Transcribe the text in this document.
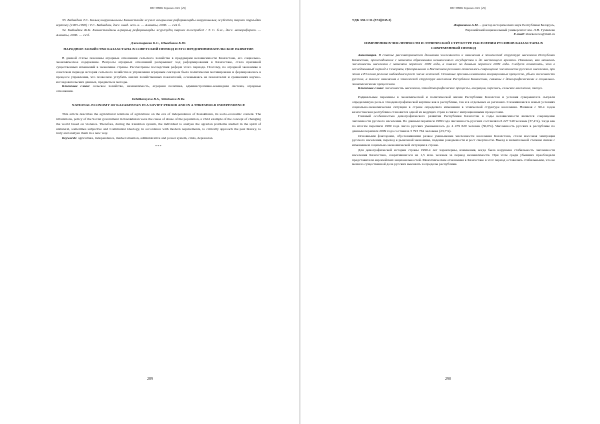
ВЕСТНИК Евразии 2021 (29)

33. Байкадам Т.С. Калық шаруашылығы Казахстанда жүзеге асырылған реформаларды шаруашылық жүйесінің тарихи тұрғыдан зерттеу (1965-1990) / Т.С. Байкадам, дисс. канд. ист. н. — Алматы, 2006. — 144 б.

34. Байкадам Ж.К. Казахстандағы аграрлық реформаларды жүргізудің тарихи тәжірибесі / Т. С. б.ж., дисс. автореферат. — Алматы, 2006. — 14 б.

Джилкараева Б.С., Шынбаева Б.Ю.

НАРОДНОЕ ХОЗЯЙСТВО КАЗАХСТАНА В СОВЕТСКИЙ ПЕРИОД И ЕГО ПРЕДПРИНИМАТЕЛЬСКОЕ РАЗВИТИЕ

В данной статье показаны аграрные отношения сельского хозяйства в преддверии независимости Казахстана, его социально-экономическое содержание. Вопросы аграрных отношений раскрывают ход реформирования в Казахстане, стала причиной существенных изменений в экономике страны. Рассмотрены последствия реформ этого периода. Поэтому, по аграрной экономике в советском периоде история сельского хозяйства и управления аграрным сектором была политически мотивирована и формировалась в процессе управления, что позволило углубить анализ хозяйственных показателей, основываясь на показателях и сравнениях научно-исследовательских данных, предметы и методы.

Ключевые слова: сельское хозяйство, независимость, аграрная политика, административно-командная система, аграрные отношения.

Dzhilkarayeva B.S., Shinbaeva B.Yu.

NATIONAL ECONOMY OF KAZAKHSTAN IN A SOVIET PERIOD AND IN A THRESHOLD INDEPENDENCE

This article describes the agricultural relations of agriculture on the eve of independence of Kazakhstan, its socio-economic content. The tribulations, policy of the Soviet government in Kazakhstan were the cause of abuse of the population, a vivid example of the concept of changing the world based on violence. Therefore, during the transition system, the individual to analyze the agrarian problems studied in the spirit of unilateral, sometimes subjective and Communist ideology, in accordance with modern requirements, to critically approach the past history, to truly and analyze them in a new way.

Keywords: agriculture, independence, market situation, administrative and power system, crisis, depression.

***
289
ВЕСТНИК Евразии 2021 (29)

УДК 330.1:31.(574)(045.3)

Жаркенова А.М. – доктор исторических наук Республики Беларусь,

Евразийский национальный университет им. Л.Н. Гумилева

E-mail: zharkenova@mail.ru

ИЗМЕНЕНИЯ В ЧИСЛЕННОСТИ И ЭТНИЧЕСКОЙ СТРУКТУРЕ НАСЕЛЕНИЯ РУСИНОВ КАЗАХСТАНА В СОВРЕМЕННЫЙ ПЕРИОД

Аннотация. В статье рассматривается динамика численности и изменения в этнической структуре населения Республики Казахстан, происходившие с момента образования независимого государства и до настоящего времени. Показано, как менялась численность населения с момента переписи 1999 года, а также по данным переписи 2009 года. Следует отметить, что в исследованный период в Северном, Центральном и Восточном регионах отмечалось сокращение численности русского населения, при этом в Южном регионе наблюдался рост числа жителей. Основные причины изменения миграционных процессов, убыли численности русских, а также изменения в этнической структуре населения Республики Казахстан, связаны с демографическими и социально-экономическими процессами.

Ключевые слова: численность населения, этнодемографические процессы, миграция, перепись, сельское население, титул.

Радикальные перемены в экономической и политической жизни Республики Казахстан и условия суверенитета сыграли определенную роль в этнодемографической картине как в республике, так и в отдельных ее регионах. Сложившаяся в новых условиях социально-экономическая ситуация в стране определила изменения в этнической структуре населения. Начиная с 90-х годов казахстанская республика становится одной из ведущих стран в связи с миграционными процессами.

Главный особенностью демографического развития Республики Казахстан в годы независимости является сокращение численности русского населения. По данным переписи 1989 года численность русских составляла 6 227 549 человек (37,4%), тогда как по итогам переписи 1999 года число русских уменьшилось до 4 479 620 человек (30,0%). Численность русских в республике по данным переписи 2009 года составила 3 793 764 человека (23,7%).

Основными факторами, обусловившими резкое уменьшение численности населения Казахстана, стали массовая эмиграция русского населения, переход к рыночной экономике, падение рождаемости и рост смертности. Выезд в значительной степени связан с изменением социально-экономической ситуации в стране.

Для демографической истории страны 1990-х лет характерны, изменения, когда была нарушена стабильность численности населения Казахстана, сократившегося на 1,5 млн. человек за период независимости. При этом среди убывших преобладали представители европейских национальностей. Межэтнические отношения в Казахстане в этот период оставались стабильными, что не мешало существенной доле русских выезжать за пределы республики.

290
